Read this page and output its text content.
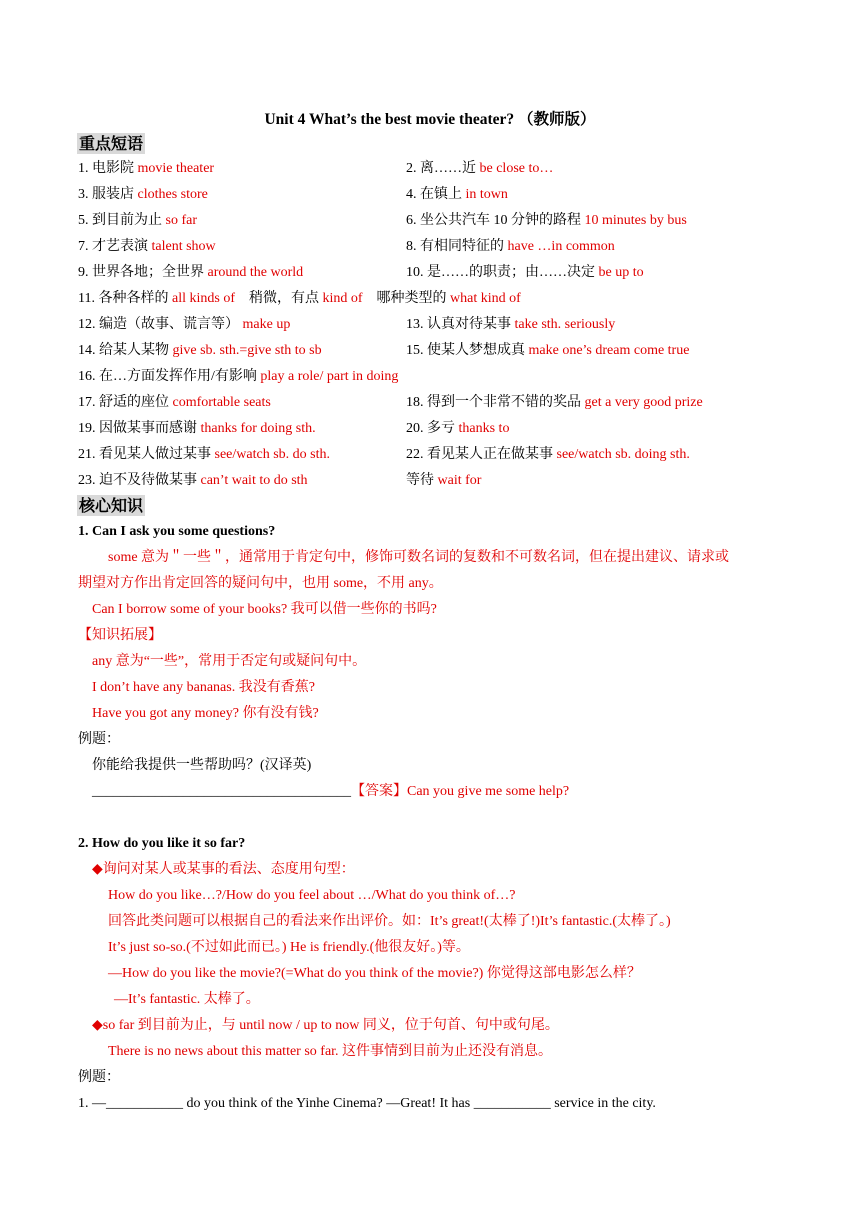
Unit 4 What’s the best movie theater? （教师版）
重点短语
1. 电影院 movie theater	2. 离……近 be close to…
3. 服装店 clothes store	4. 在镇上 in town
5. 到目前为止 so far	6. 坐公共汽车 10 分钟的路程 10 minutes by bus
7. 才艺表演 talent show	8. 有相同特征的 have …in common
9. 世界各地；全世界 around the world	10. 是……的职责；由……决定 be up to
11. 各种各样的 all kinds of 稍微，有点 kind of 哪种类型的 what kind of
12. 编造（故事、谎言等） make up	13. 认真对待某事 take sth. seriously
14. 给某人某物 give sb. sth.=give sth to sb	15. 使某人梦想成真 make one’s dream come true
16. 在…方面发挥作用/有影响 play a role/ part in doing
17. 舒适的座位 comfortable seats	18. 得到一个非常不错的奖品 get a very good prize
19. 因做某事而感谢 thanks for doing sth.	20. 多亏 thanks to
21. 看见某人做过某事 see/watch sb. do sth.	22. 看见某人正在做某事 see/watch sb. doing sth.
23. 迫不及待做某事 can’t wait to do sth	等待 wait for
核心知识
1. Can I ask you some questions?
some 意为＂一些＂，通常用于肯定句中，修饰可数名词的复数和不可数名词，但在提出建议、请求或
期望对方作出肯定回答的疑问句中，也用 some，不用 any。
Can I borrow some of your books? 我可以借一些你的书吗?
【知识拓展】
any 意为“一些”，常用于否定句或疑问句中。
I don’t have any bananas. 我没有香蕉?
Have you got any money? 你有没有钱?
例题：
你能给我提供一些帮助吗？(汉译英)
_____________________________________【答案】Can you give me some help?
2. How do you like it so far?
◆询问对某人或某事的看法、态度用句型：
How do you like…?/How do you feel about …/What do you think of…?
回答此类问题可以根据自己的看法来作出评价。如：It’s great!(太棒了!)It’s fantastic.(太棒了。)
It’s just so-so.(不过如此而已。) He is friendly.(他很友好。)等。
—How do you like the movie?(=What do you think of the movie?) 你觉得这部电影怎么样？
—It’s fantastic. 太棒了。
◆so far 到目前为止，与 until now / up to now 同义，位于句首、句中或句尾。
There is no news about this matter so far. 这件事情到目前为止还没有消息。
例题：
1. —___________ do you think of the Yinhe Cinema? —Great! It has ___________ service in the city.
